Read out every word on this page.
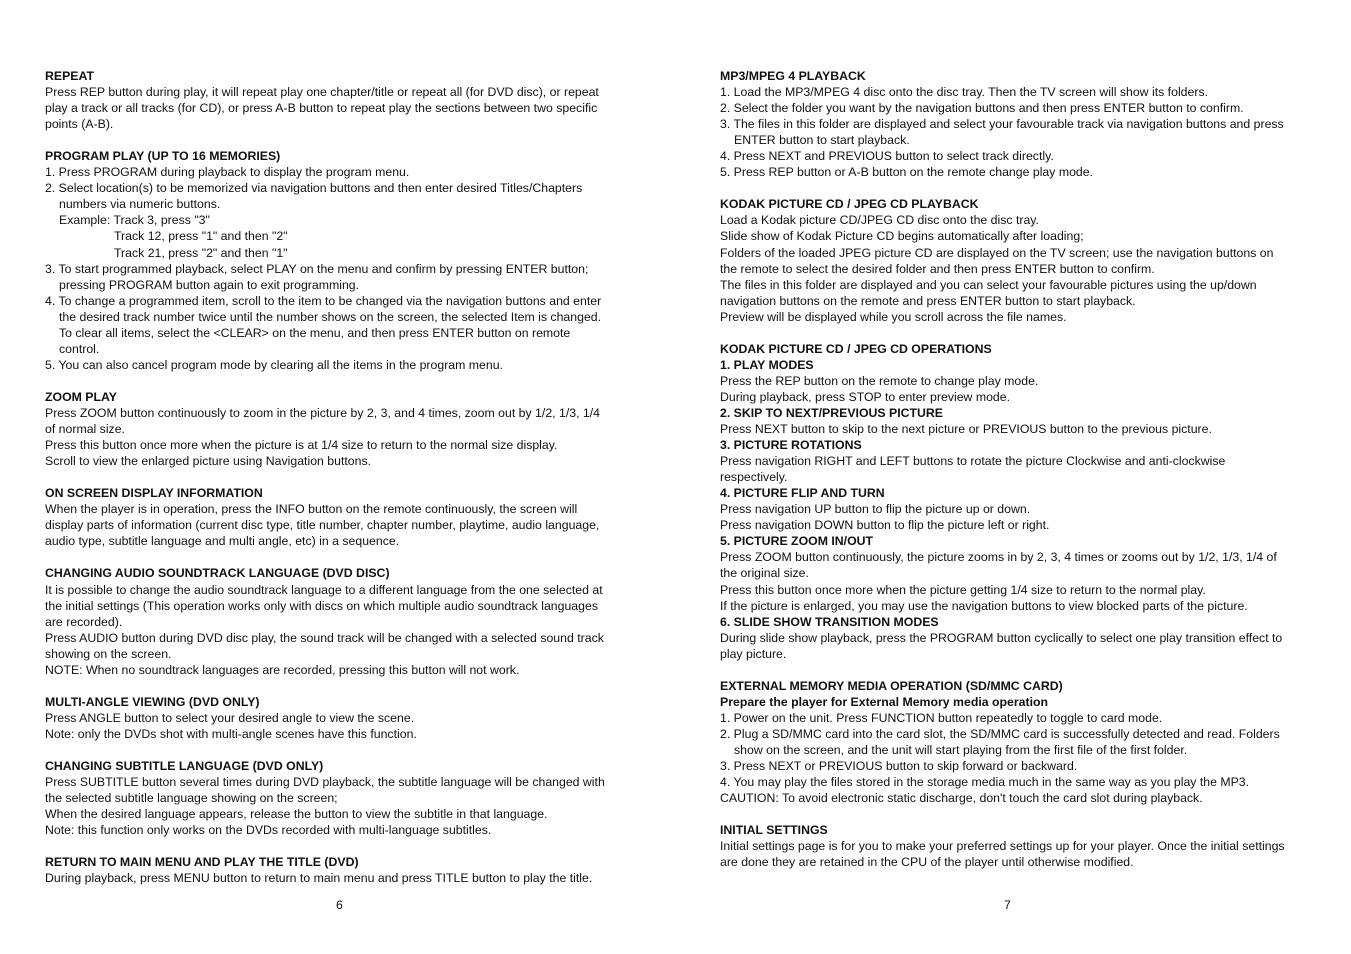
REPEAT
Press REP button during play, it will repeat play one chapter/title or repeat all (for DVD disc), or repeat
play a track or all tracks (for CD), or press A-B button to repeat play the sections between two specific
points (A-B).
PROGRAM PLAY (UP TO 16 MEMORIES)
1. Press PROGRAM during playback to display the program menu.
2. Select location(s) to be memorized via navigation buttons and then enter desired Titles/Chapters
numbers via numeric buttons.
Example: Track 3, press "3"
Track 12, press "1" and then "2"
Track 21, press "2" and then "1"
3. To start programmed playback, select PLAY on the menu and confirm by pressing ENTER button;
pressing PROGRAM button again to exit programming.
4. To change a programmed item, scroll to the item to be changed via the navigation buttons and enter
the desired track number twice until the number shows on the screen, the selected Item is changed.
To clear all items, select the <CLEAR> on the menu, and then press ENTER button on remote
control.
5. You can also cancel program mode by clearing all the items in the program menu.
ZOOM PLAY
Press ZOOM button continuously to zoom in the picture by 2, 3, and 4 times, zoom out by 1/2, 1/3, 1/4
of normal size.
Press this button once more when the picture is at 1/4 size to return to the normal size display.
Scroll to view the enlarged picture using Navigation buttons.
ON SCREEN DISPLAY INFORMATION
When the player is in operation, press the INFO button on the remote continuously, the screen will
display parts of information (current disc type, title number, chapter number, playtime, audio language,
audio type, subtitle language and multi angle, etc) in a sequence.
CHANGING AUDIO SOUNDTRACK LANGUAGE (DVD DISC)
It is possible to change the audio soundtrack language to a different language from the one selected at
the initial settings (This operation works only with discs on which multiple audio soundtrack languages
are recorded).
Press AUDIO button during DVD disc play, the sound track will be changed with a selected sound track
showing on the screen.
NOTE: When no soundtrack languages are recorded, pressing this button will not work.
MULTI-ANGLE VIEWING (DVD ONLY)
Press ANGLE button to select your desired angle to view the scene.
Note: only the DVDs shot with multi-angle scenes have this function.
CHANGING SUBTITLE LANGUAGE (DVD ONLY)
Press SUBTITLE button several times during DVD playback, the subtitle language will be changed with
the selected subtitle language showing on the screen;
When the desired language appears, release the button to view the subtitle in that language.
Note: this function only works on the DVDs recorded with multi-language subtitles.
RETURN TO MAIN MENU AND PLAY THE TITLE (DVD)
During playback, press MENU button to return to main menu and press TITLE button to play the title.
MP3/MPEG 4 PLAYBACK
1. Load the MP3/MPEG 4 disc onto the disc tray. Then the TV screen will show its folders.
2. Select the folder you want by the navigation buttons and then press ENTER button to confirm.
3. The files in this folder are displayed and select your favourable track via navigation buttons and press
ENTER button to start playback.
4. Press NEXT and PREVIOUS button to select track directly.
5. Press REP button or A-B button on the remote change play mode.
KODAK PICTURE CD / JPEG CD PLAYBACK
Load a Kodak picture CD/JPEG CD disc onto the disc tray.
Slide show of Kodak Picture CD begins automatically after loading;
Folders of the loaded JPEG picture CD are displayed on the TV screen; use the navigation buttons on
the remote to select the desired folder and then press ENTER button to confirm.
The files in this folder are displayed and you can select your favourable pictures using the up/down
navigation buttons on the remote and press ENTER button to start playback.
Preview will be displayed while you scroll across the file names.
KODAK PICTURE CD / JPEG CD OPERATIONS
1. PLAY MODES
Press the REP button on the remote to change play mode.
During playback, press STOP to enter preview mode.
2. SKIP TO NEXT/PREVIOUS PICTURE
Press NEXT button to skip to the next picture or PREVIOUS button to the previous picture.
3. PICTURE ROTATIONS
Press navigation RIGHT and LEFT buttons to rotate the picture Clockwise and anti-clockwise
respectively.
4. PICTURE FLIP AND TURN
Press navigation UP button to flip the picture up or down.
Press navigation DOWN button to flip the picture left or right.
5. PICTURE ZOOM IN/OUT
Press ZOOM button continuously, the picture zooms in by 2, 3, 4 times or zooms out by 1/2, 1/3, 1/4 of
the original size.
Press this button once more when the picture getting 1/4 size to return to the normal play.
If the picture is enlarged, you may use the navigation buttons to view blocked parts of the picture.
6. SLIDE SHOW TRANSITION MODES
During slide show playback, press the PROGRAM button cyclically to select one play transition effect to
play picture.
EXTERNAL MEMORY MEDIA OPERATION (SD/MMC CARD)
Prepare the player for External Memory media operation
1. Power on the unit. Press FUNCTION button repeatedly to toggle to card mode.
2. Plug a SD/MMC card into the card slot, the SD/MMC card is successfully detected and read. Folders
show on the screen, and the unit will start playing from the first file of the first folder.
3. Press NEXT or PREVIOUS button to skip forward or backward.
4. You may play the files stored in the storage media much in the same way as you play the MP3.
CAUTION: To avoid electronic static discharge, don't touch the card slot during playback.
INITIAL SETTINGS
Initial settings page is for you to make your preferred settings up for your player. Once the initial settings
are done they are retained in the CPU of the player until otherwise modified.
6	7
